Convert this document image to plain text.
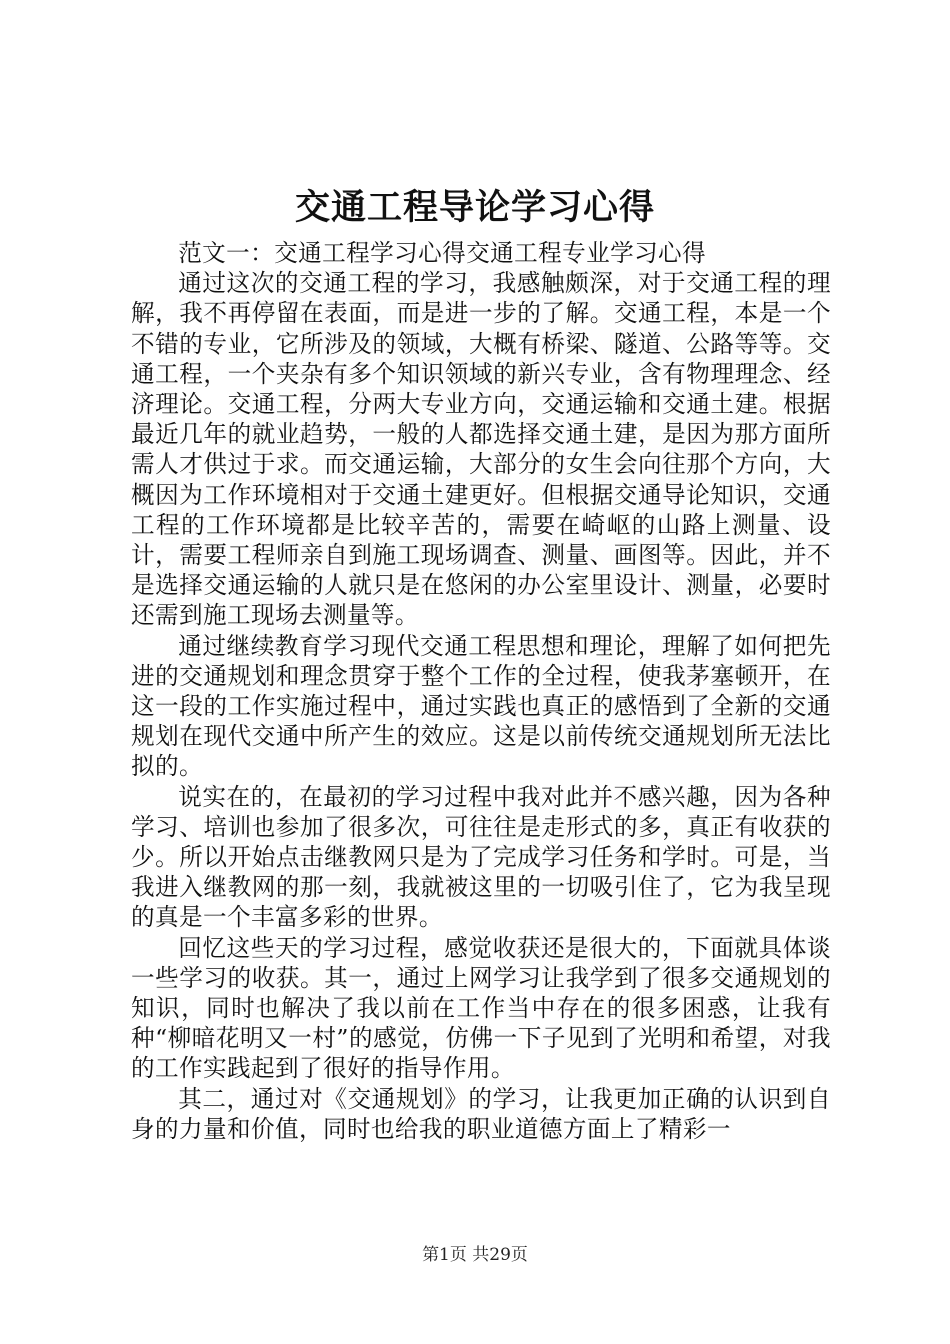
交通工程导论学习心得

范文一：交通工程学习心得交通工程专业学习心得

通过这次的交通工程的学习，我感触颇深，对于交通工程的理解，我不再停留在表面，而是进一步的了解。交通工程，本是一个不错的专业，它所涉及的领域，大概有桥梁、隧道、公路等等。交通工程，一个夹杂有多个知识领域的新兴专业，含有物理理念、经济理论。交通工程，分两大专业方向，交通运输和交通土建。根据最近几年的就业趋势，一般的人都选择交通土建，是因为那方面所需人才供过于求。而交通运输，大部分的女生会向往那个方向，大概因为工作环境相对于交通土建更好。但根据交通导论知识，交通工程的工作环境都是比较辛苦的，需要在崎岖的山路上测量、设计，需要工程师亲自到施工现场调查、测量、画图等。因此，并不是选择交通运输的人就只是在悠闲的办公室里设计、测量，必要时还需到施工现场去测量等。

通过继续教育学习现代交通工程思想和理论，理解了如何把先进的交通规划和理念贯穿于整个工作的全过程，使我茅塞顿开，在这一段的工作实施过程中，通过实践也真正的感悟到了全新的交通规划在现代交通中所产生的效应。这是以前传统交通规划所无法比拟的。

说实在的，在最初的学习过程中我对此并不感兴趣，因为各种学习、培训也参加了很多次，可往往是走形式的多，真正有收获的少。所以开始点击继教网只是为了完成学习任务和学时。可是，当我进入继教网的那一刻，我就被这里的一切吸引住了，它为我呈现的真是一个丰富多彩的世界。

回忆这些天的学习过程，感觉收获还是很大的，下面就具体谈一些学习的收获。其一，通过上网学习让我学到了很多交通规划的知识，同时也解决了我以前在工作当中存在的很多困惑，让我有种“柳暗花明又一村”的感觉，仿佛一下子见到了光明和希望，对我的工作实践起到了很好的指导作用。

其二，通过对《交通规划》的学习，让我更加正确的认识到自身的力量和价值，同时也给我的职业道德方面上了精彩一

第1页 共29页
